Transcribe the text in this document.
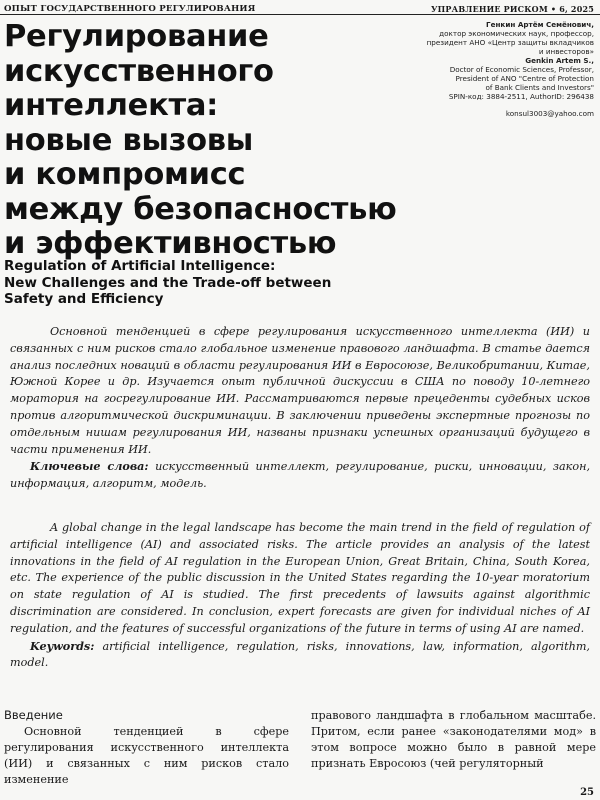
ОПЫТ ГОСУДАРСТВЕННОГО РЕГУЛИРОВАНИЯ	УПРАВЛЕНИЕ РИСКОМ • 6, 2025
Регулирование
искусственного
интеллекта:
новые вызовы
и компромисс
между безопасностью
и эффективностью
Генкин Артём Семёнович,
доктор экономических наук, профессор,
президент АНО «Центр защиты вкладчиков
и инвесторов»
Genkin Artem S.,
Doctor of Economic Sciences, Professor,
President of ANO "Centre of Protection
of Bank Clients and Investors"
SPIN-код: 3884-2511, AuthorID: 296438
konsul3003@yahoo.com
Regulation of Artificial Intelligence:
New Challenges and the Trade-off between
Safety and Efficiency

Основной тенденцией в сфере регулирования искусственного интеллекта (ИИ) и связанных с ним рисков стало глобальное изменение правового ландшафта. В статье дается анализ последних новаций в области регулирования ИИ в Евросоюзе, Великобритании, Китае, Южной Корее и др. Изучается опыт публичной дискуссии в США по поводу 10-летнего моратория на госрегулирование ИИ. Рассматриваются первые прецеденты судебных исков против алгоритмической дискриминации. В заключении приведены экспертные прогнозы по отдельным нишам регулирования ИИ, названы признаки успешных организаций будущего в части применения ИИ.

Ключевые слова: искусственный интеллект, регулирование, риски, инновации, закон, информация, алгоритм, модель.

A global change in the legal landscape has become the main trend in the field of regulation of artificial intelligence (AI) and associated risks. The article provides an analysis of the latest innovations in the field of AI regulation in the European Union, Great Britain, China, South Korea, etc. The experience of the public discussion in the United States regarding the 10-year moratorium on state regulation of AI is studied. The first precedents of lawsuits against algorithmic discrimination are considered. In conclusion, expert forecasts are given for individual niches of AI regulation, and the features of successful organizations of the future in terms of using AI are named.

Keywords: artificial intelligence, regulation, risks, innovations, law, information, algorithm, model.

Введение

Основной тенденцией в сфере регулирования искусственного интеллекта (ИИ) и связанных с ним рисков стало изменение

правового ландшафта в глобальном масштабе. Притом, если ранее «законодателями мод» в этом вопросе можно было в равной мере признать Евросоюз (чей регуляторный

25
